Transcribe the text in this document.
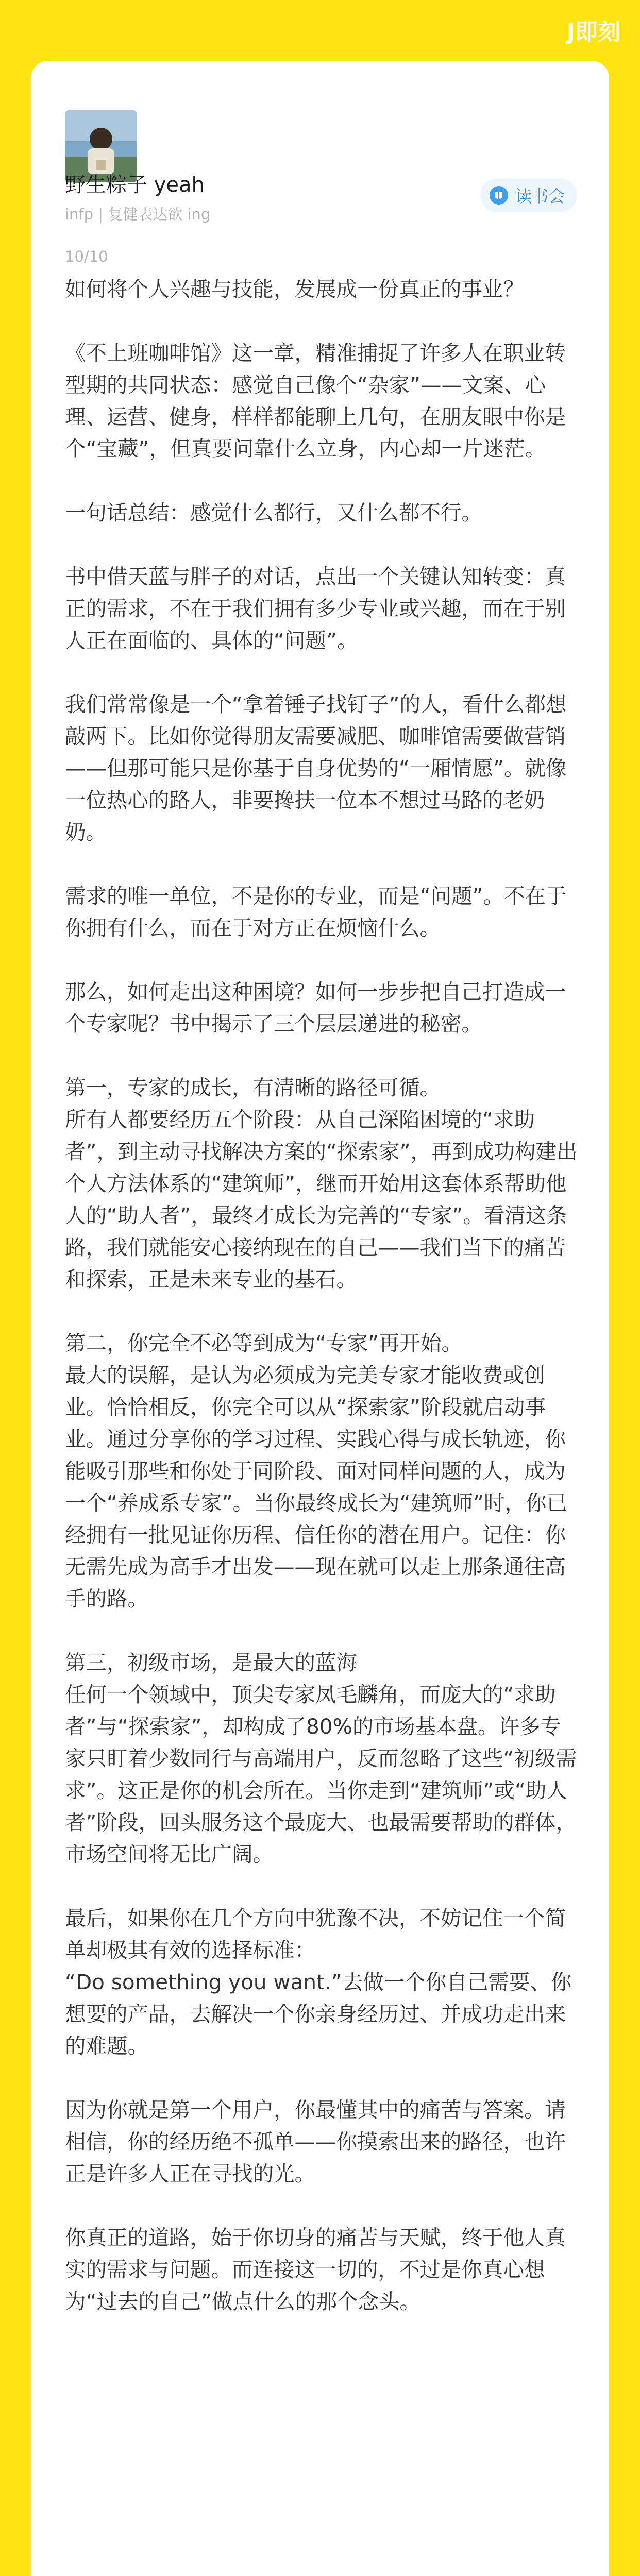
J即刻
野生粽子 yeah
infp | 复健表达欲 ing
读书会
10/10

如何将个人兴趣与技能，发展成一份真正的事业？

《不上班咖啡馆》这一章，精准捕捉了许多人在职业转型期的共同状态：感觉自己像个“杂家”——文案、心理、运营、健身，样样都能聊上几句，在朋友眼中你是个“宝藏”，但真要问靠什么立身，内心却一片迷茫。

一句话总结：感觉什么都行，又什么都不行。

书中借天蓝与胖子的对话，点出一个关键认知转变：真正的需求，不在于我们拥有多少专业或兴趣，而在于别人正在面临的、具体的“问题”。

我们常常像是一个“拿着锤子找钉子”的人，看什么都想敲两下。比如你觉得朋友需要减肥、咖啡馆需要做营销——但那可能只是你基于自身优势的“一厢情愿”。就像一位热心的路人，非要搀扶一位本不想过马路的老奶奶。

需求的唯一单位，不是你的专业，而是“问题”。不在于你拥有什么，而在于对方正在烦恼什么。

那么，如何走出这种困境？如何一步步把自己打造成一个专家呢？书中揭示了三个层层递进的秘密。

第一，专家的成长，有清晰的路径可循。
所有人都要经历五个阶段：从自己深陷困境的“求助者”，到主动寻找解决方案的“探索家”，再到成功构建出个人方法体系的“建筑师”，继而开始用这套体系帮助他人的“助人者”，最终才成长为完善的“专家”。看清这条路，我们就能安心接纳现在的自己——我们当下的痛苦和探索，正是未来专业的基石。

第二，你完全不必等到成为“专家”再开始。
最大的误解，是认为必须成为完美专家才能收费或创业。恰恰相反，你完全可以从“探索家”阶段就启动事业。通过分享你的学习过程、实践心得与成长轨迹，你能吸引那些和你处于同阶段、面对同样问题的人，成为一个“养成系专家”。当你最终成长为“建筑师”时，你已经拥有一批见证你历程、信任你的潜在用户。记住：你无需先成为高手才出发——现在就可以走上那条通往高手的路。

第三，初级市场，是最大的蓝海
任何一个领域中，顶尖专家凤毛麟角，而庞大的“求助者”与“探索家”，却构成了80%的市场基本盘。许多专家只盯着少数同行与高端用户，反而忽略了这些“初级需求”。这正是你的机会所在。当你走到“建筑师”或“助人者”阶段，回头服务这个最庞大、也最需要帮助的群体，市场空间将无比广阔。

最后，如果你在几个方向中犹豫不决，不妨记住一个简单却极其有效的选择标准：
“Do something you want.”去做一个你自己需要、你想要的产品，去解决一个你亲身经历过、并成功走出来的难题。

因为你就是第一个用户，你最懂其中的痛苦与答案。请相信，你的经历绝不孤单——你摸索出来的路径，也许正是许多人正在寻找的光。

你真正的道路，始于你切身的痛苦与天赋，终于他人真实的需求与问题。而连接这一切的，不过是你真心想为“过去的自己”做点什么的那个念头。
